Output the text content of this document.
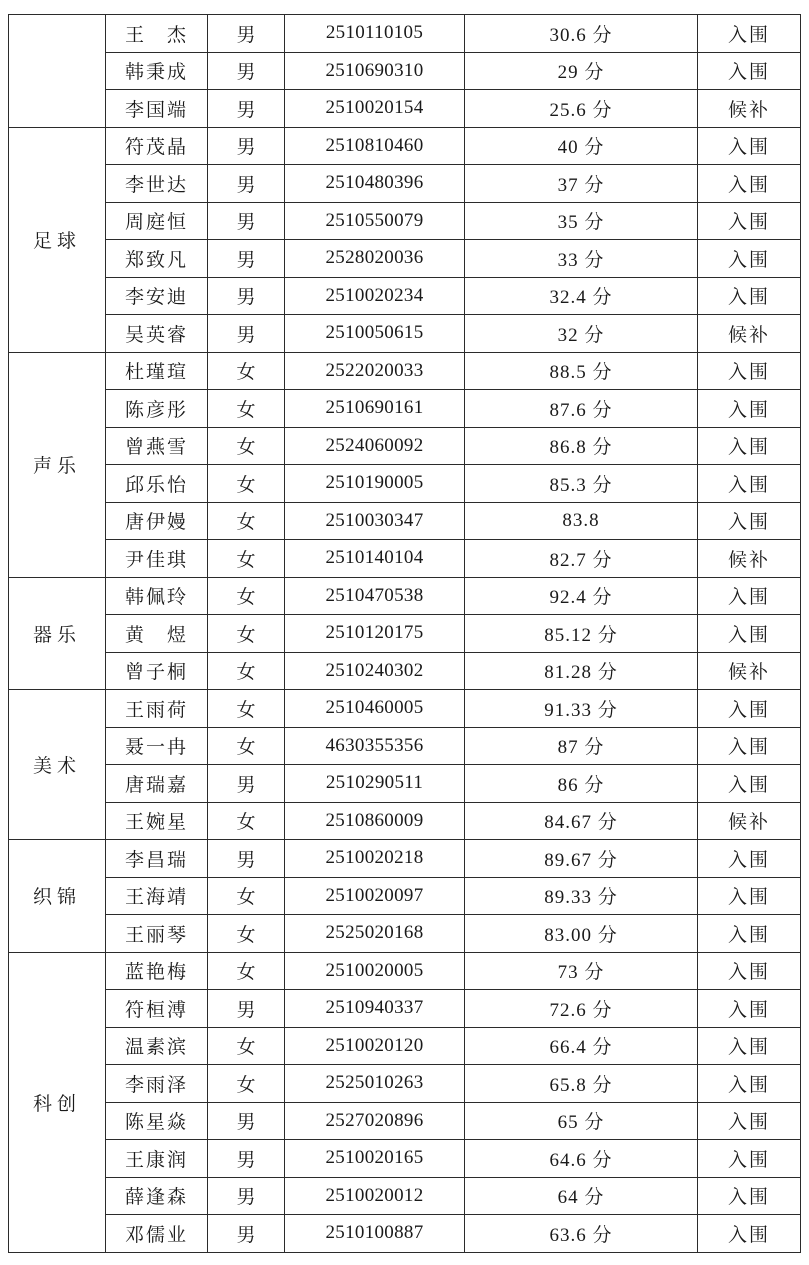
	王　杰	男	2510110105	30.6 分	入围
	韩秉成	男	2510690310	29 分	入围
	李国端	男	2510020154	25.6 分	候补
足球	符茂晶	男	2510810460	40 分	入围
	李世达	男	2510480396	37 分	入围
	周庭恒	男	2510550079	35 分	入围
	郑致凡	男	2528020036	33 分	入围
	李安迪	男	2510020234	32.4 分	入围
	吴英睿	男	2510050615	32 分	候补
声乐	杜瑾瑄	女	2522020033	88.5 分	入围
	陈彦彤	女	2510690161	87.6 分	入围
	曾燕雪	女	2524060092	86.8 分	入围
	邱乐怡	女	2510190005	85.3 分	入围
	唐伊嫚	女	2510030347	83.8	入围
	尹佳琪	女	2510140104	82.7 分	候补
器乐	韩佩玲	女	2510470538	92.4 分	入围
	黄　煜	女	2510120175	85.12 分	入围
	曾子桐	女	2510240302	81.28 分	候补
美术	王雨荷	女	2510460005	91.33 分	入围
	聂一冉	女	4630355356	87 分	入围
	唐瑞嘉	男	2510290511	86 分	入围
	王婉星	女	2510860009	84.67 分	候补
织锦	李昌瑞	男	2510020218	89.67 分	入围
	王海靖	女	2510020097	89.33 分	入围
	王丽琴	女	2525020168	83.00 分	入围
科创	蓝艳梅	女	2510020005	73 分	入围
	符桓溥	男	2510940337	72.6 分	入围
	温素滨	女	2510020120	66.4 分	入围
	李雨泽	女	2525010263	65.8 分	入围
	陈星焱	男	2527020896	65 分	入围
	王康润	男	2510020165	64.6 分	入围
	薛逢森	男	2510020012	64 分	入围
	邓儒业	男	2510100887	63.6 分	入围
